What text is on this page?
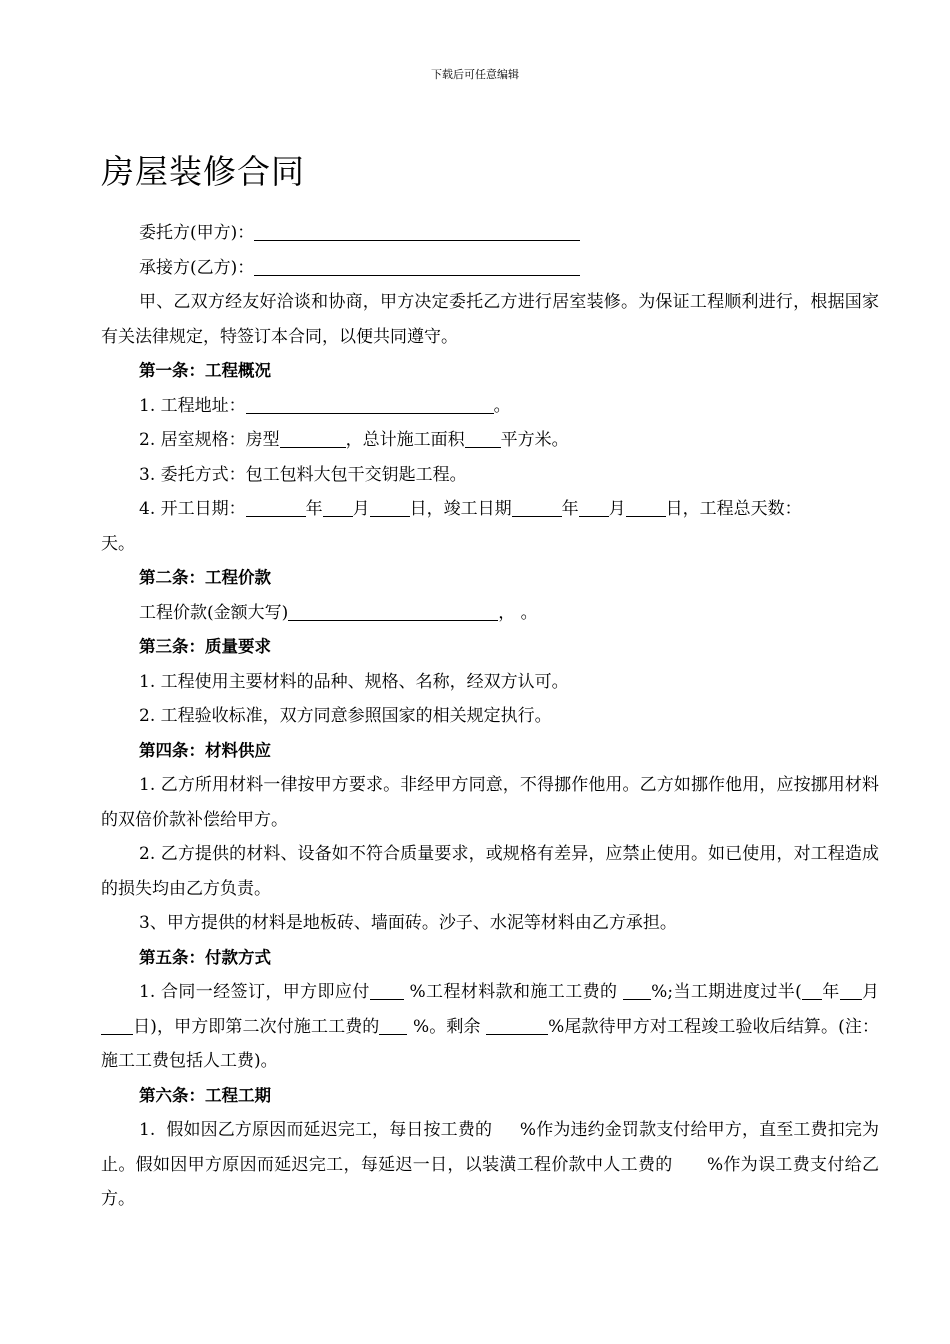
下载后可任意编辑
房屋装修合同

委托方(甲方)：

承接方(乙方)：

甲、乙双方经友好洽谈和协商，甲方决定委托乙方进行居室装修。为保证工程顺利进行，根据国家有关法律规定，特签订本合同，以便共同遵守。

第一条：工程概况

1. 工程地址：	。

2. 居室规格：房型	，总计施工面积 平方米。

3. 委托方式：包工包料大包干交钥匙工程。

4. 开工日期：	年 月 日，竣工日期	年 月 日，工程总天数：

天。

第二条：工程价款

工程价款(金额大写)	， 。

第三条：质量要求

1. 工程使用主要材料的品种、规格、名称，经双方认可。

2. 工程验收标准，双方同意参照国家的相关规定执行。

第四条：材料供应

1. 乙方所用材料一律按甲方要求。非经甲方同意，不得挪作他用。乙方如挪作他用，应按挪用材料的双倍价款补偿给甲方。

2. 乙方提供的材料、设备如不符合质量要求，或规格有差异，应禁止使用。如已使用，对工程造成的损失均由乙方负责。

3、甲方提供的材料是地板砖、墙面砖。沙子、水泥等材料由乙方承担。

第五条：付款方式

1. 合同一经签订，甲方即应付 %工程材料款和施工工费的 %;当工期进度过半( 年 月日)，甲方即第二次付施工工费的 %。剩余	%尾款待甲方对工程竣工验收后结算。(注：施工工费包括人工费)。

第六条：工程工期

1.  假如因乙方原因而延迟完工，每日按工费的     %作为违约金罚款支付给甲方，直至工费扣完为止。假如因甲方原因而延迟完工，每延迟一日，以装潢工程价款中人工费的      %作为误工费支付给乙方。
